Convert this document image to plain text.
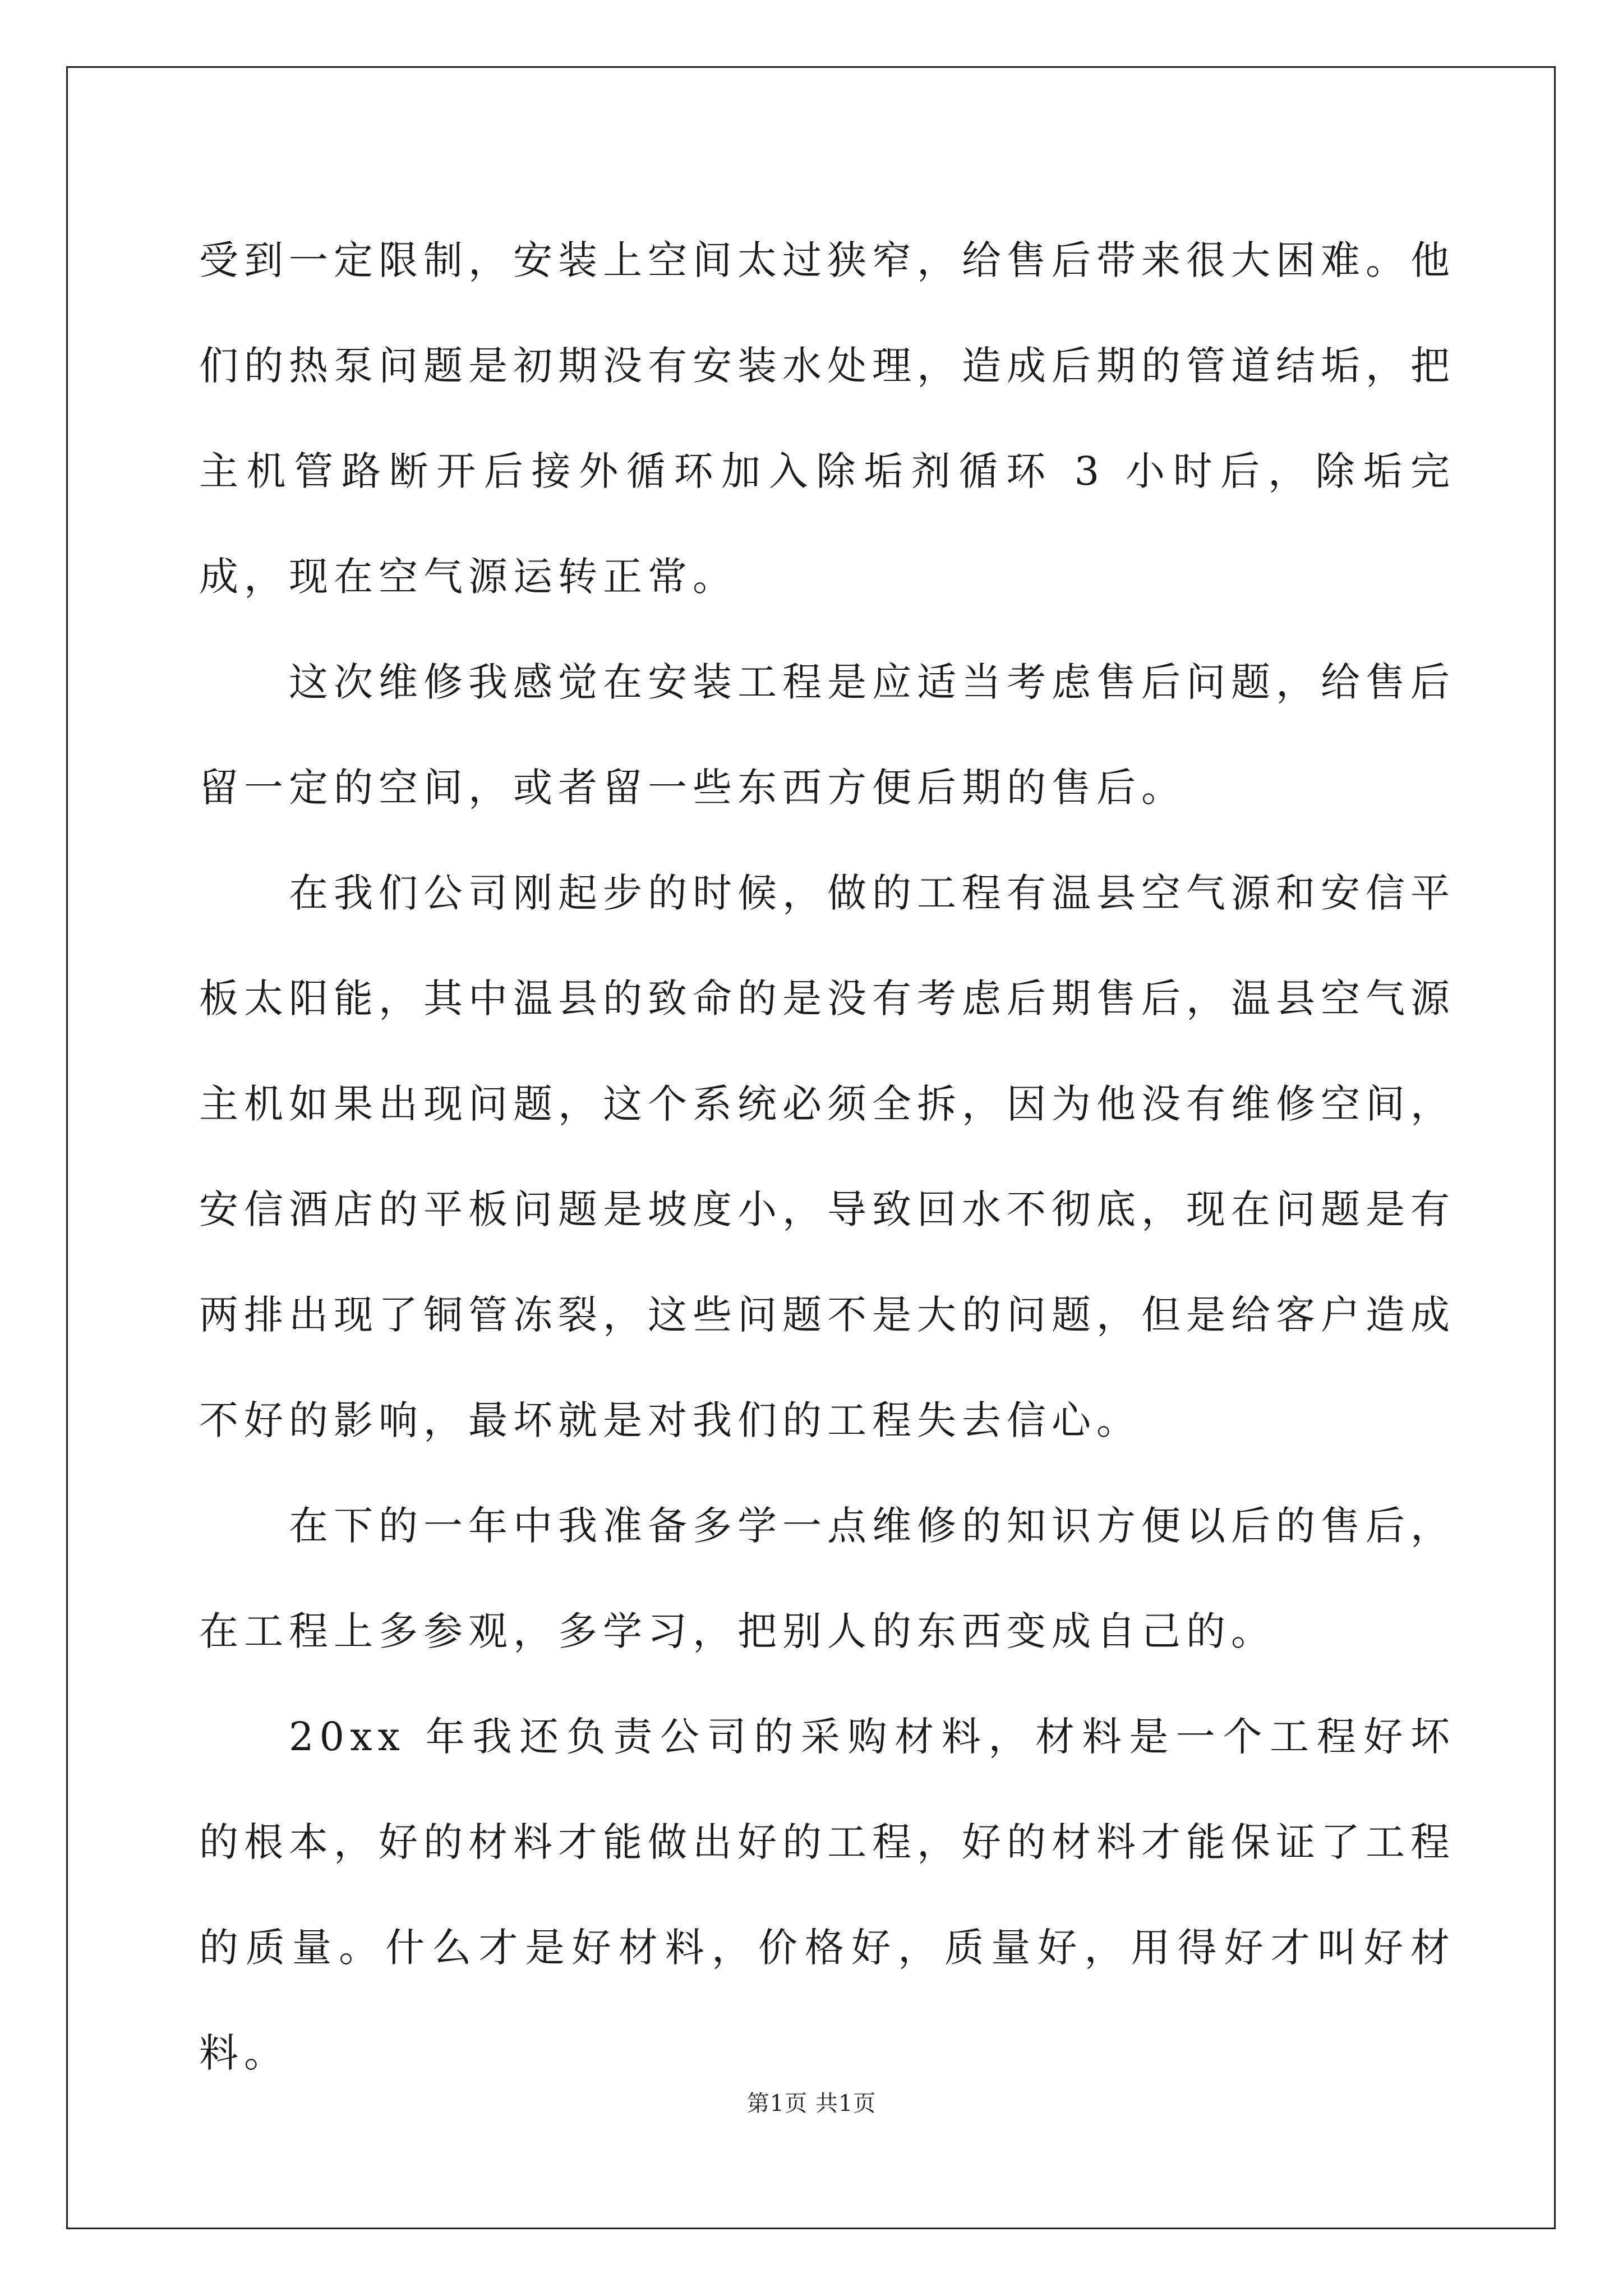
受到一定限制，安装上空间太过狭窄，给售后带来很大困难。他们的热泵问题是初期没有安装水处理，造成后期的管道结垢，把主机管路断开后接外循环加入除垢剂循环 3 小时后，除垢完成，现在空气源运转正常。

这次维修我感觉在安装工程是应适当考虑售后问题，给售后留一定的空间，或者留一些东西方便后期的售后。

在我们公司刚起步的时候，做的工程有温县空气源和安信平板太阳能，其中温县的致命的是没有考虑后期售后，温县空气源主机如果出现问题，这个系统必须全拆，因为他没有维修空间，安信酒店的平板问题是坡度小，导致回水不彻底，现在问题是有两排出现了铜管冻裂，这些问题不是大的问题，但是给客户造成不好的影响，最坏就是对我们的工程失去信心。

在下的一年中我准备多学一点维修的知识方便以后的售后，在工程上多参观，多学习，把别人的东西变成自己的。

20xx 年我还负责公司的采购材料，材料是一个工程好坏的根本，好的材料才能做出好的工程，好的材料才能保证了工程的质量。什么才是好材料，价格好，质量好，用得好才叫好材料。

第1页 共1页
